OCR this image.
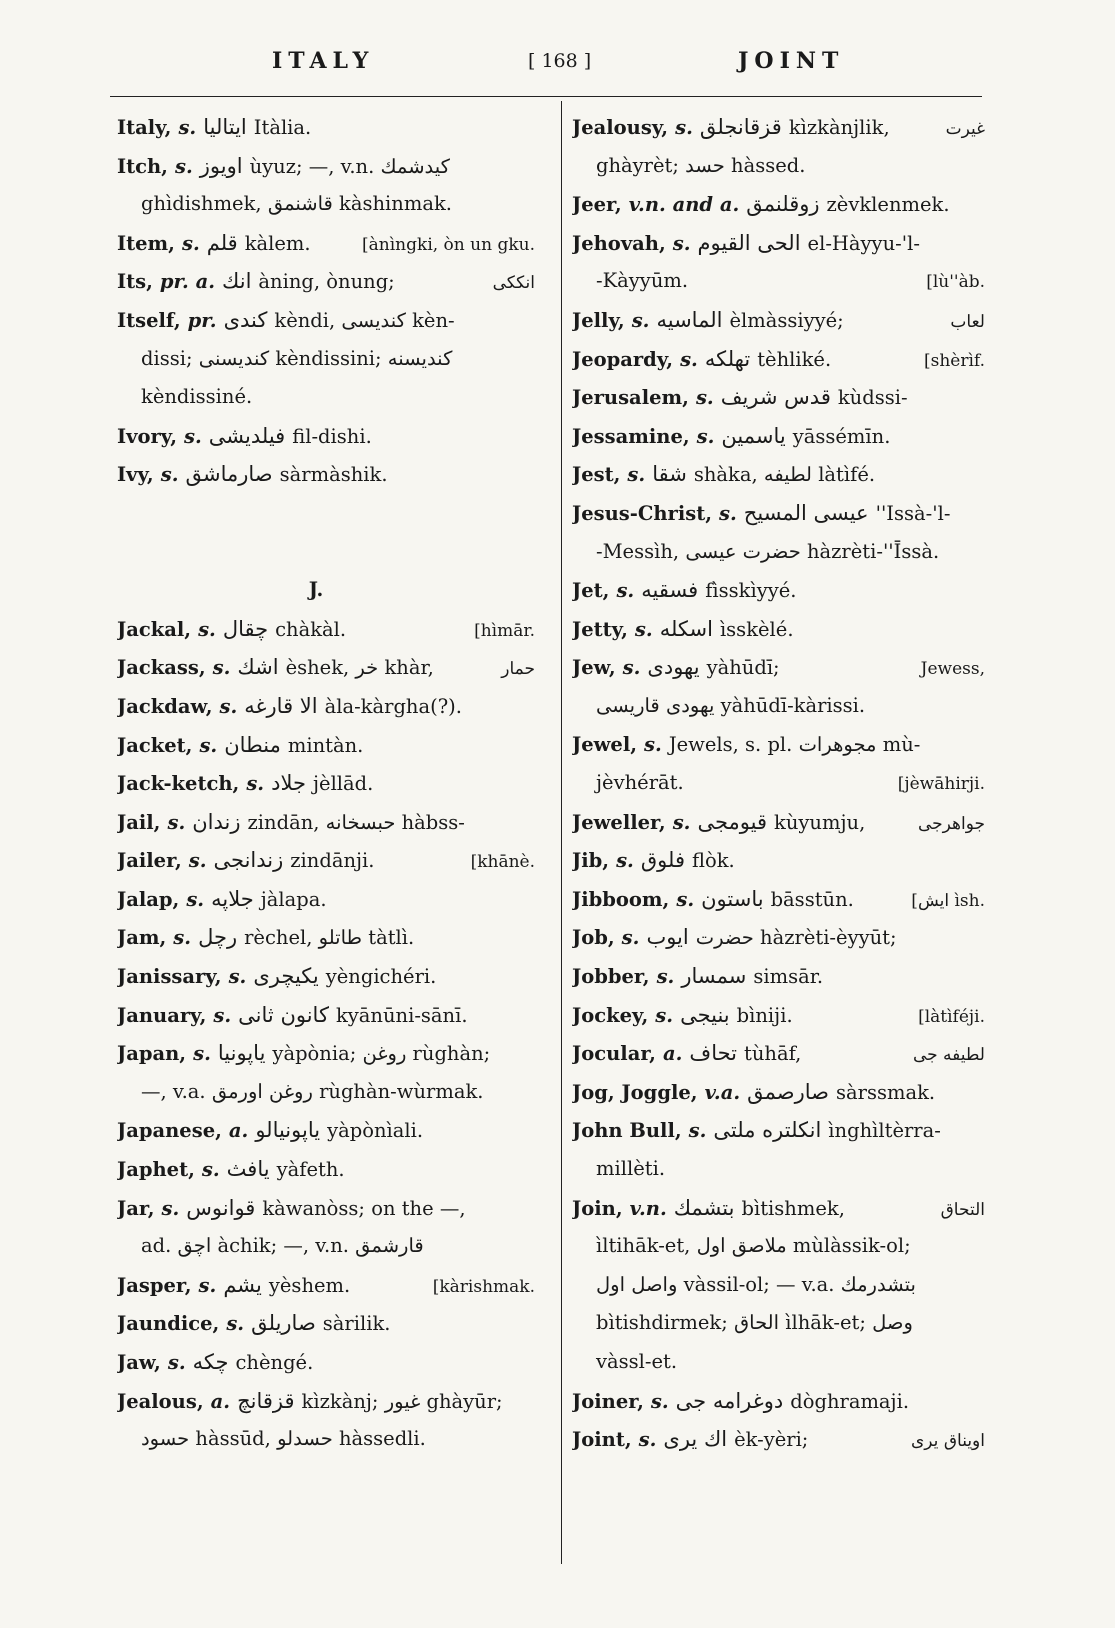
ITALY	[ 168 ]	JOINT
Italy, s. ایتالیا Itàlia.
Itch, s. اویوز ùyuz; —, v.n. کیدشمك
ghìdishmek, قاشنمق kàshinmak.
Item, s. قلم kàlem.	[ànìngki, òn un gku.
Its, pr. a. انك àning, ònung;	انککی
Itself, pr. کندی kèndi, کندیسی kèn-
dissi; کندیسنی kèndissini; کندیسنه
kèndissiné.
Ivory, s. فیلدیشی fil-dishi.
Ivy, s. صارماشق sàrmàshik.
J.
Jackal, s. چقال chàkàl.	[hìmār.
Jackass, s. اشك èshek, خر khàr,	حمار
Jackdaw, s. الا قارغه àla-kàrgha(?).
Jacket, s. منطان mintàn.
Jack-ketch, s. جلاد jèllād.
Jail, s. زندان zindān, حبسخانه hàbss-
Jailer, s. زندانجی zindānji.	[khānè.
Jalap, s. جلاپه jàlapa.
Jam, s. رچل rèchel, طاتلو tàtlì.
Janissary, s. یکیچری yèngichéri.
January, s. کانون ثانی kyānūni-sānī.
Japan, s. یاپونیا yàpònia; روغن rùghàn;
—, v.a. روغن اورمق rùghàn-wùrmak.
Japanese, a. یاپونیالو yàpònìali.
Japhet, s. یافث yàfeth.
Jar, s. قوانوس kàwanòss; on the —,
ad. اچق àchik; —, v.n. قارشمق
Jasper, s. یشم yèshem.	[kàrishmak.
Jaundice, s. صاریلق sàrilik.
Jaw, s. چکه chèngé.
Jealous, a. قزقانچ kìzkànj; غیور ghàyūr;
حسود hàssūd, حسدلو hàssedli.
Jealousy, s. قزقانجلق kìzkànjlik,	غیرت
ghàyrèt; حسد hàssed.
Jeer, v.n. and a. زوقلنمق zèvklenmek.
Jehovah, s. الحی القیوم el-Hàyyu-'l-
-Kàyyūm.	[lù''àb.
Jelly, s. الماسیه èlmàssiyyé;	لعاب
Jeopardy, s. تهلکه tèhliké.	[shèrìf.
Jerusalem, s. قدس شریف kùdssi-
Jessamine, s. یاسمین yāssémīn.
Jest, s. شقا shàka, لطیفه làtìfé.
Jesus-Christ, s. عیسی المسیح ''Issà-'l-
-Messìh, حضرت عیسی hàzrèti-''Īssà.
Jet, s. فسقیه fìsskìyyé.
Jetty, s. اسکله ìsskèlé.
Jew, s. یهودی yàhūdī;	Jewess,
یهودی قاریسی yàhūdī-kàrissi.
Jewel, s. Jewels, s. pl. مجوهرات mù-
jèvhérāt.	[jèwāhirji.
Jeweller, s. قیومجی kùyumju,	جواهرجی
Jib, s. فلوق flòk.
Jibboom, s. باستون bāsstūn.	[ایش ìsh.
Job, s. ایوب حضرت hàzrèti-èyyūt;
Jobber, s. سمسار simsār.
Jockey, s. بنیجی bìniji.	[làtìféji.
Jocular, a. تحاف tùhāf,	لطیفه جی
Jog, Joggle, v.a. صارصمق sàrssmak.
John Bull, s. انکلتره ملتی ìnghìltèrra-
millèti.
Join, v.n. بتشمك bìtishmek,	التحاق
ìltihāk-et, ملاصق اول mùlàssik-ol;
واصل اول vàssil-ol; — v.a. بتشدرمك
bìtishdirmek; الحاق ìlhāk-et; وصل
vàssl-et.
Joiner, s. دوغرامه جی dòghramaji.
Joint, s. اك یری èk-yèri;	اویناق یری
